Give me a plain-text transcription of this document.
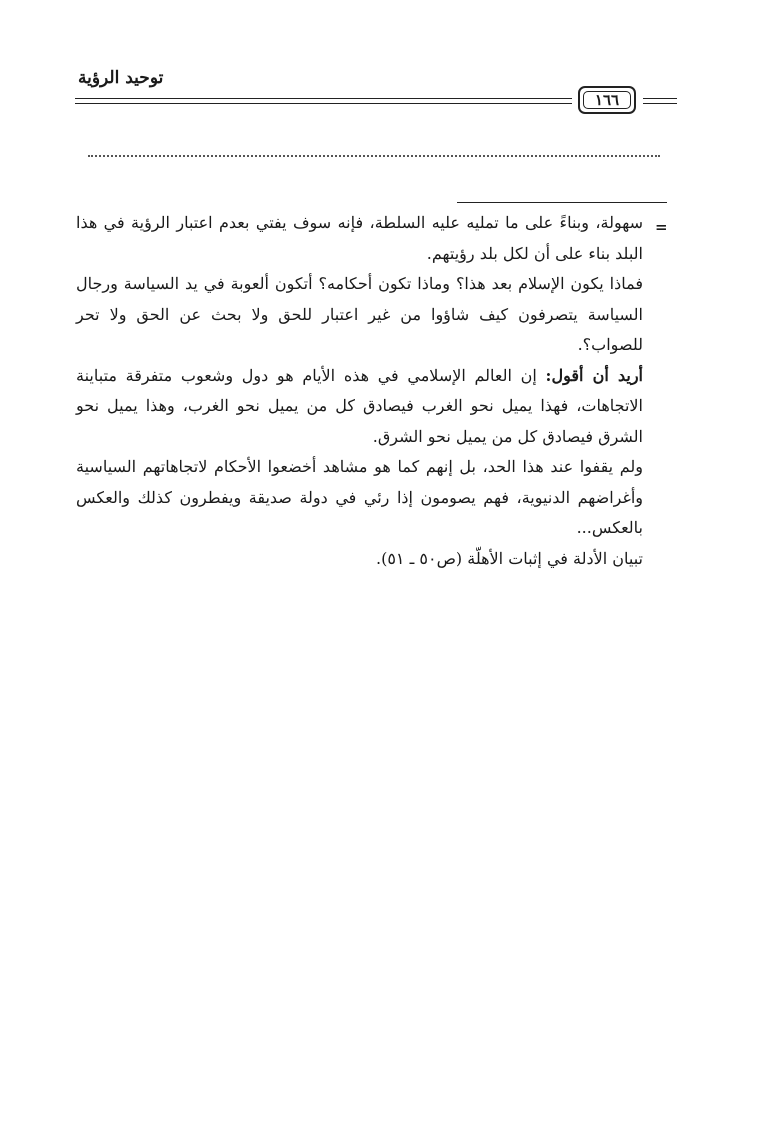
توحيد الرؤية
١٦٦
=

سهولة، وبناءً على ما تمليه عليه السلطة، فإنه سوف يفتي بعدم اعتبار الرؤية في هذا البلد بناء على أن لكل بلد رؤيتهم.

فماذا يكون الإسلام بعد هذا؟ وماذا تكون أحكامه؟ أتكون ألعوبة في يد السياسة ورجال السياسة يتصرفون كيف شاؤوا من غير اعتبار للحق ولا بحث عن الحق ولا تحر للصواب؟.

أريد أن أقول: إن العالم الإسلامي في هذه الأيام هو دول وشعوب متفرقة متباينة الاتجاهات، فهذا يميل نحو الغرب فيصادق كل من يميل نحو الغرب، وهذا يميل نحو الشرق فيصادق كل من يميل نحو الشرق.

ولم يقفوا عند هذا الحد، بل إنهم كما هو مشاهد أخضعوا الأحكام لاتجاهاتهم السياسية وأغراضهم الدنيوية، فهم يصومون إذا رئي في دولة صديقة ويفطرون كذلك والعكس بالعكس...

تبيان الأدلة في إثبات الأهلّة (ص٥٠ ـ ٥١).
